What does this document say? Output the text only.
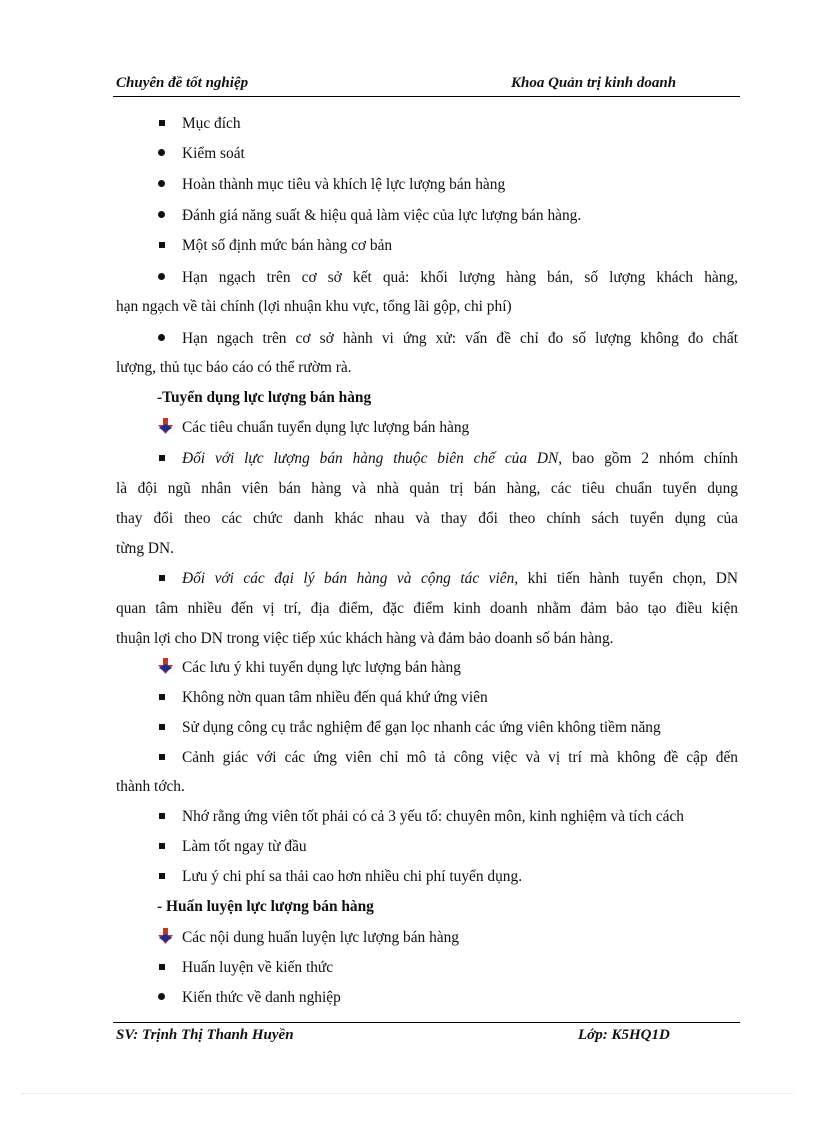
Chuyên đề tốt nghiệp	Khoa Quản trị kinh doanh
Mục đích
Kiểm soát
Hoàn thành mục tiêu và khích lệ lực lượng bán hàng
Đánh giá năng suất & hiệu quả làm việc của lực lượng bán hàng.
Một số định mức bán hàng cơ bản
Hạn ngạch trên cơ sở kết quả: khối lượng hàng bán, số lượng khách hàng,
hạn ngạch về tài chính (lợi nhuận khu vực, tổng lãi gộp, chi phí)
Hạn ngạch trên cơ sở hành vi ứng xử: vấn đề chỉ đo số lượng không đo chất
lượng, thủ tục báo cáo có thể rườm rà.
-Tuyển dụng lực lượng bán hàng
Các tiêu chuẩn tuyển dụng lực lượng bán hàng
Đối với lực lượng bán hàng thuộc biên chế của DN, bao gồm 2 nhóm chính
là đội ngũ nhân viên bán hàng và nhà quản trị bán hàng, các tiêu chuẩn tuyển dụng
thay đổi theo các chức danh khác nhau và thay đổi theo chính sách tuyển dụng của
từng DN.
Đối với các đại lý bán hàng và cộng tác viên, khi tiến hành tuyển chọn, DN
quan tâm nhiều đến vị trí, địa điểm, đặc điểm kinh doanh nhằm đảm bảo tạo điều kiện
thuận lợi cho DN trong việc tiếp xúc khách hàng và đảm bảo doanh số bán hàng.
Các lưu ý khi tuyển dụng lực lượng bán hàng
Không nờn quan tâm nhiều đến quá khứ ứng viên
Sử dụng công cụ trắc nghiệm để gạn lọc nhanh các ứng viên không tiềm năng
Cảnh giác với các ứng viên chỉ mô tả công việc và vị trí mà không đề cập đến
thành tớch.
Nhớ rằng ứng viên tốt phải có cả 3 yếu tố: chuyên môn, kinh nghiệm và tích cách
Làm tốt ngay từ đầu
Lưu ý chi phí sa thải cao hơn nhiều chi phí tuyển dụng.
- Huấn luyện lực lượng bán hàng
Các nội dung huấn luyện lực lượng bán hàng
Huấn luyện về kiến thức
Kiến thức về danh nghiệp
SV: Trịnh Thị Thanh Huyền	Lớp: K5HQ1D
